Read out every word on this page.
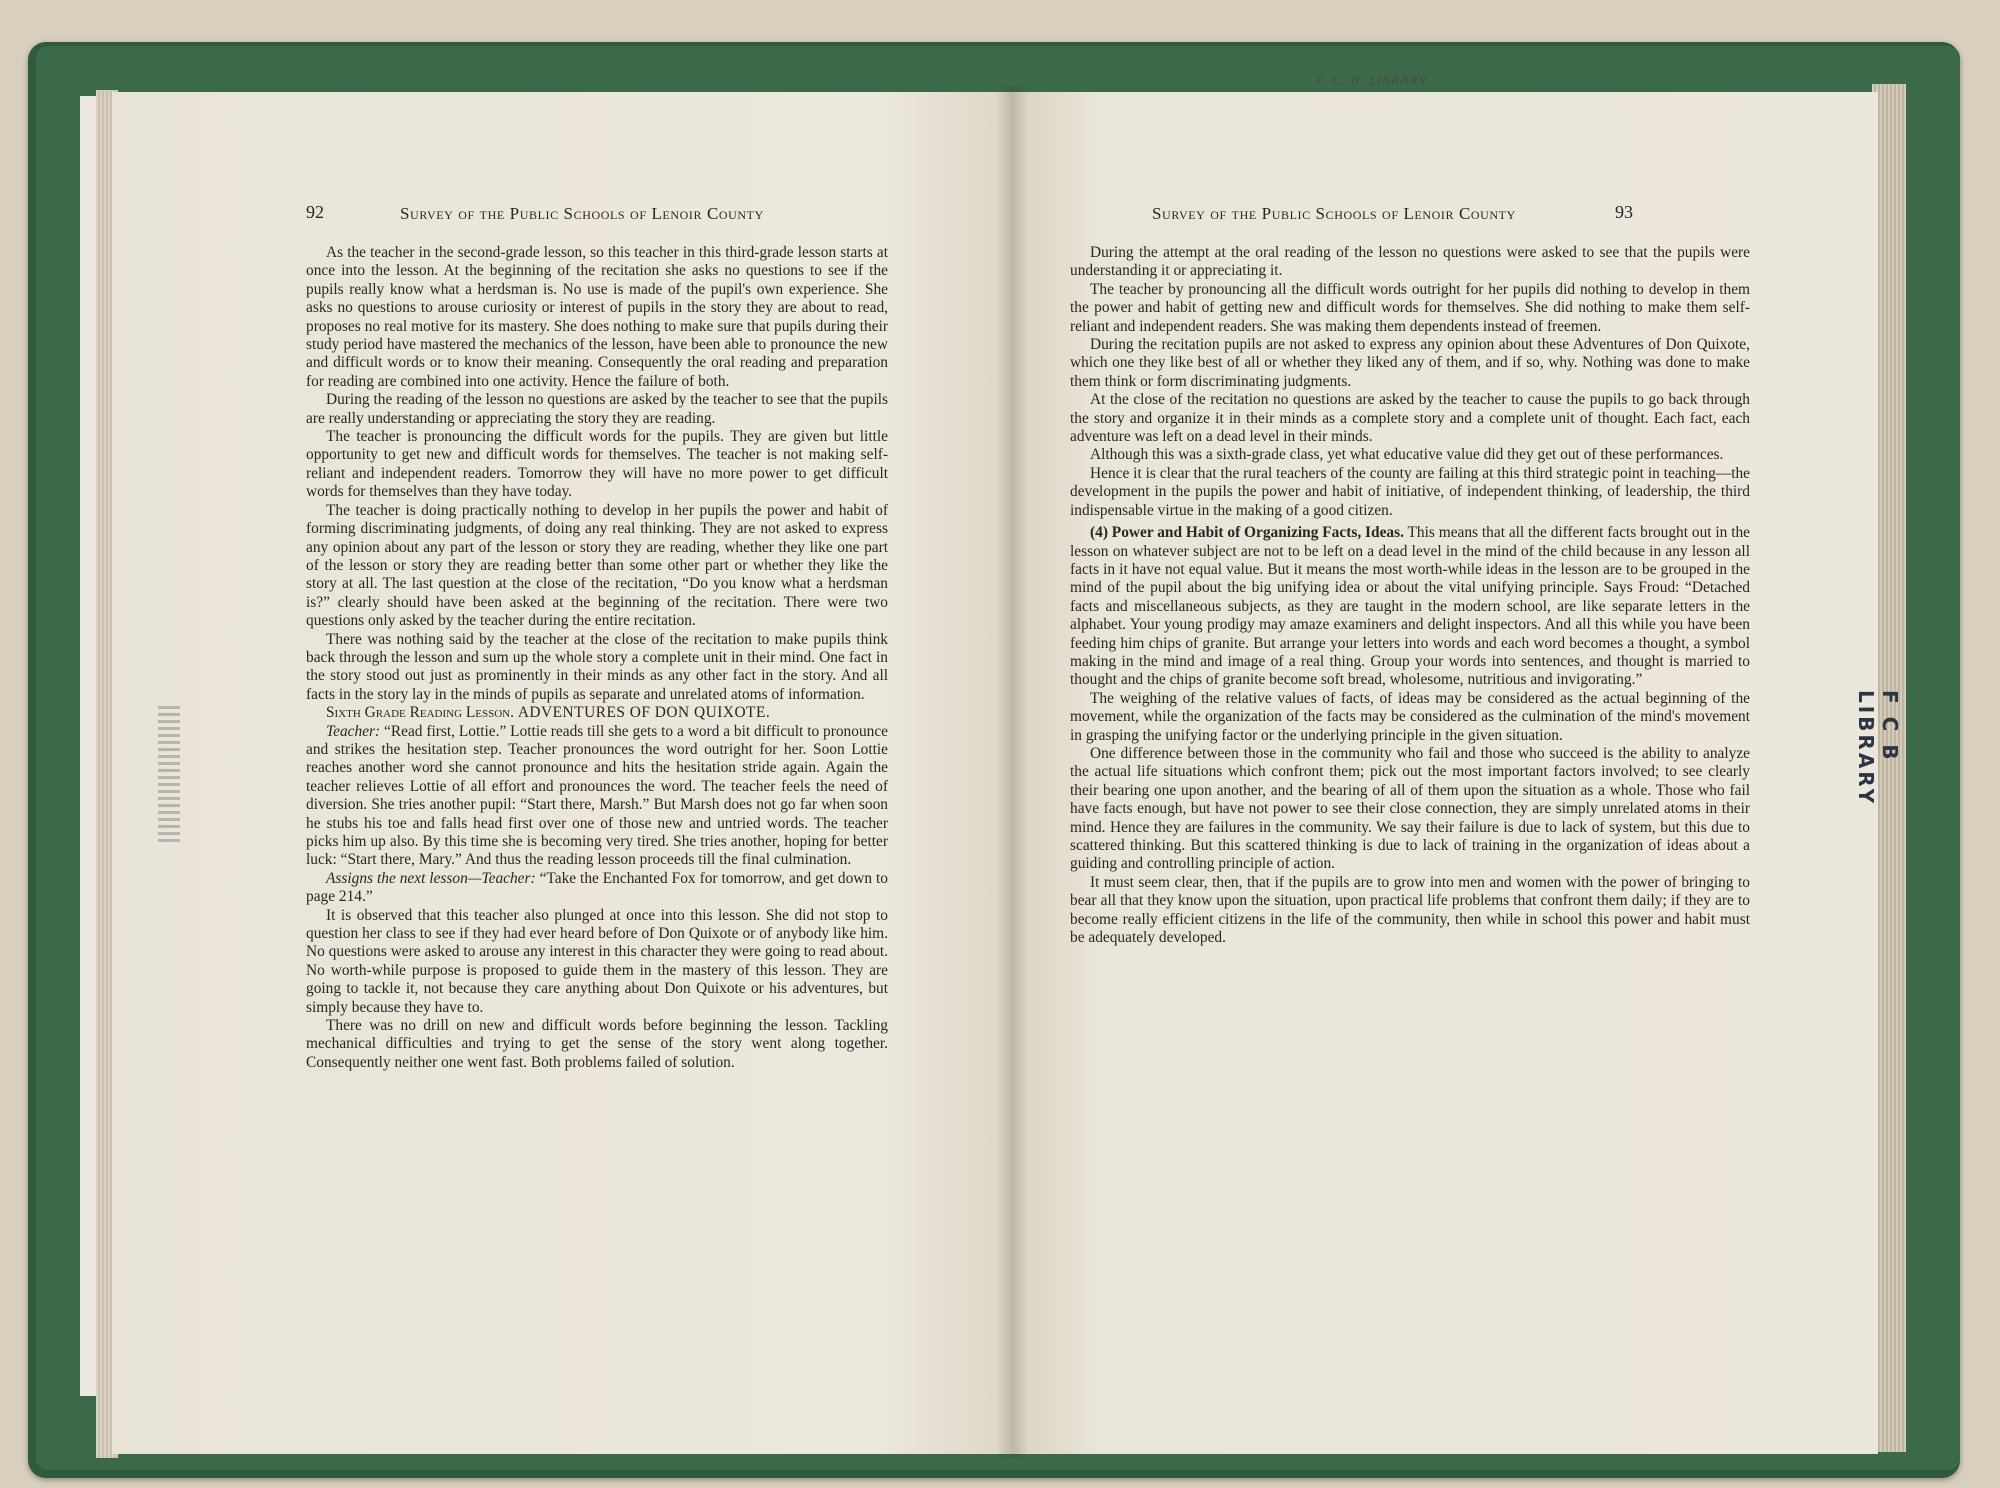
F. C. B. LIBRARY
92	Survey of the Public Schools of Lenoir County

As the teacher in the second-grade lesson, so this teacher in this third-grade lesson starts at once into the lesson. At the beginning of the recitation she asks no questions to see if the pupils really know what a herdsman is. No use is made of the pupil's own experience. She asks no questions to arouse curiosity or interest of pupils in the story they are about to read, proposes no real motive for its mastery. She does nothing to make sure that pupils during their study period have mastered the mechanics of the lesson, have been able to pronounce the new and difficult words or to know their meaning. Consequently the oral reading and preparation for reading are combined into one activity. Hence the failure of both.

During the reading of the lesson no questions are asked by the teacher to see that the pupils are really understanding or appreciating the story they are reading.

The teacher is pronouncing the difficult words for the pupils. They are given but little opportunity to get new and difficult words for themselves. The teacher is not making self-reliant and independent readers. Tomorrow they will have no more power to get difficult words for themselves than they have today.

The teacher is doing practically nothing to develop in her pupils the power and habit of forming discriminating judgments, of doing any real thinking. They are not asked to express any opinion about any part of the lesson or story they are reading, whether they like one part of the lesson or story they are reading better than some other part or whether they like the story at all. The last question at the close of the recitation, “Do you know what a herdsman is?” clearly should have been asked at the beginning of the recitation. There were two questions only asked by the teacher during the entire recitation.

There was nothing said by the teacher at the close of the recitation to make pupils think back through the lesson and sum up the whole story a complete unit in their mind. One fact in the story stood out just as prominently in their minds as any other fact in the story. And all facts in the story lay in the minds of pupils as separate and unrelated atoms of information.

Sixth Grade Reading Lesson. ADVENTURES OF DON QUIXOTE.

Teacher: “Read first, Lottie.” Lottie reads till she gets to a word a bit difficult to pronounce and strikes the hesitation step. Teacher pronounces the word outright for her. Soon Lottie reaches another word she cannot pronounce and hits the hesitation stride again. Again the teacher relieves Lottie of all effort and pronounces the word. The teacher feels the need of diversion. She tries another pupil: “Start there, Marsh.” But Marsh does not go far when soon he stubs his toe and falls head first over one of those new and untried words. The teacher picks him up also. By this time she is becoming very tired. She tries another, hoping for better luck: “Start there, Mary.” And thus the reading lesson proceeds till the final culmination.

Assigns the next lesson—Teacher: “Take the Enchanted Fox for tomorrow, and get down to page 214.”

It is observed that this teacher also plunged at once into this lesson. She did not stop to question her class to see if they had ever heard before of Don Quixote or of anybody like him. No questions were asked to arouse any interest in this character they were going to read about. No worth-while purpose is proposed to guide them in the mastery of this lesson. They are going to tackle it, not because they care anything about Don Quixote or his adventures, but simply because they have to.

There was no drill on new and difficult words before beginning the lesson. Tackling mechanical difficulties and trying to get the sense of the story went along together. Consequently neither one went fast. Both problems failed of solution.

Survey of the Public Schools of Lenoir County	93

During the attempt at the oral reading of the lesson no questions were asked to see that the pupils were understanding it or appreciating it.

The teacher by pronouncing all the difficult words outright for her pupils did nothing to develop in them the power and habit of getting new and difficult words for themselves. She did nothing to make them self-reliant and independent readers. She was making them dependents instead of freemen.

During the recitation pupils are not asked to express any opinion about these Adventures of Don Quixote, which one they like best of all or whether they liked any of them, and if so, why. Nothing was done to make them think or form discriminating judgments.

At the close of the recitation no questions are asked by the teacher to cause the pupils to go back through the story and organize it in their minds as a complete story and a complete unit of thought. Each fact, each adventure was left on a dead level in their minds.

Although this was a sixth-grade class, yet what educative value did they get out of these performances.

Hence it is clear that the rural teachers of the county are failing at this third strategic point in teaching—the development in the pupils the power and habit of initiative, of independent thinking, of leadership, the third indispensable virtue in the making of a good citizen.

(4) Power and Habit of Organizing Facts, Ideas. This means that all the different facts brought out in the lesson on whatever subject are not to be left on a dead level in the mind of the child because in any lesson all facts in it have not equal value. But it means the most worth-while ideas in the lesson are to be grouped in the mind of the pupil about the big unifying idea or about the vital unifying principle. Says Froud: “Detached facts and miscellaneous subjects, as they are taught in the modern school, are like separate letters in the alphabet. Your young prodigy may amaze examiners and delight inspectors. And all this while you have been feeding him chips of granite. But arrange your letters into words and each word becomes a thought, a symbol making in the mind and image of a real thing. Group your words into sentences, and thought is married to thought and the chips of granite become soft bread, wholesome, nutritious and invigorating.”

The weighing of the relative values of facts, of ideas may be considered as the actual beginning of the movement, while the organization of the facts may be considered as the culmination of the mind's movement in grasping the unifying factor or the underlying principle in the given situation.

One difference between those in the community who fail and those who succeed is the ability to analyze the actual life situations which confront them; pick out the most important factors involved; to see clearly their bearing one upon another, and the bearing of all of them upon the situation as a whole. Those who fail have facts enough, but have not power to see their close connection, they are simply unrelated atoms in their mind. Hence they are failures in the community. We say their failure is due to lack of system, but this due to scattered thinking. But this scattered thinking is due to lack of training in the organization of ideas about a guiding and controlling principle of action.

It must seem clear, then, that if the pupils are to grow into men and women with the power of bringing to bear all that they know upon the situation, upon practical life problems that confront them daily; if they are to become really efficient citizens in the life of the community, then while in school this power and habit must be adequately developed.

F C B LIBRARY
